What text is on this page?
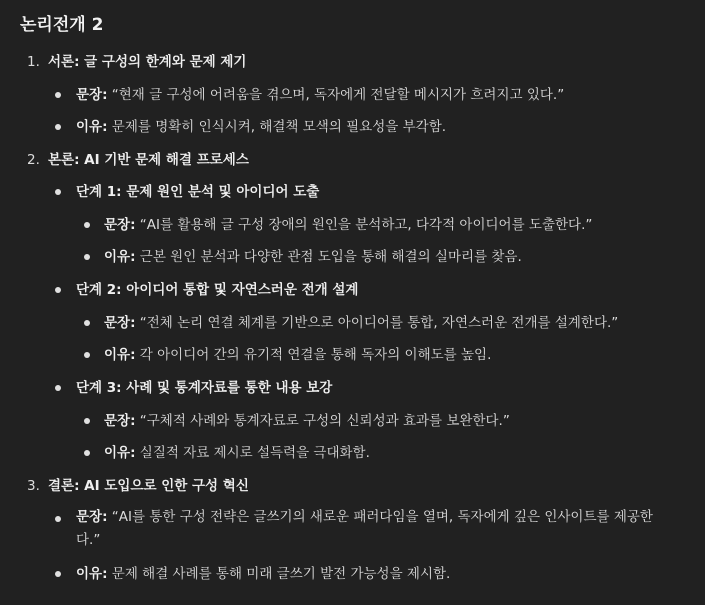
논리전개 2
1. 서론: 글 구성의 한계와 문제 제기
문장: “현재 글 구성에 어려움을 겪으며, 독자에게 전달할 메시지가 흐려지고 있다.”
이유: 문제를 명확히 인식시켜, 해결책 모색의 필요성을 부각함.
2. 본론: AI 기반 문제 해결 프로세스
단계 1: 문제 원인 분석 및 아이디어 도출
문장: “AI를 활용해 글 구성 장애의 원인을 분석하고, 다각적 아이디어를 도출한다.”
이유: 근본 원인 분석과 다양한 관점 도입을 통해 해결의 실마리를 찾음.
단계 2: 아이디어 통합 및 자연스러운 전개 설계
문장: “전체 논리 연결 체계를 기반으로 아이디어를 통합, 자연스러운 전개를 설계한다.”
이유: 각 아이디어 간의 유기적 연결을 통해 독자의 이해도를 높임.
단계 3: 사례 및 통계자료를 통한 내용 보강
문장: “구체적 사례와 통계자료로 구성의 신뢰성과 효과를 보완한다.”
이유: 실질적 자료 제시로 설득력을 극대화함.
3. 결론: AI 도입으로 인한 구성 혁신
문장: “AI를 통한 구성 전략은 글쓰기의 새로운 패러다임을 열며, 독자에게 깊은 인사이트를 제공한다.”
이유: 문제 해결 사례를 통해 미래 글쓰기 발전 가능성을 제시함.
